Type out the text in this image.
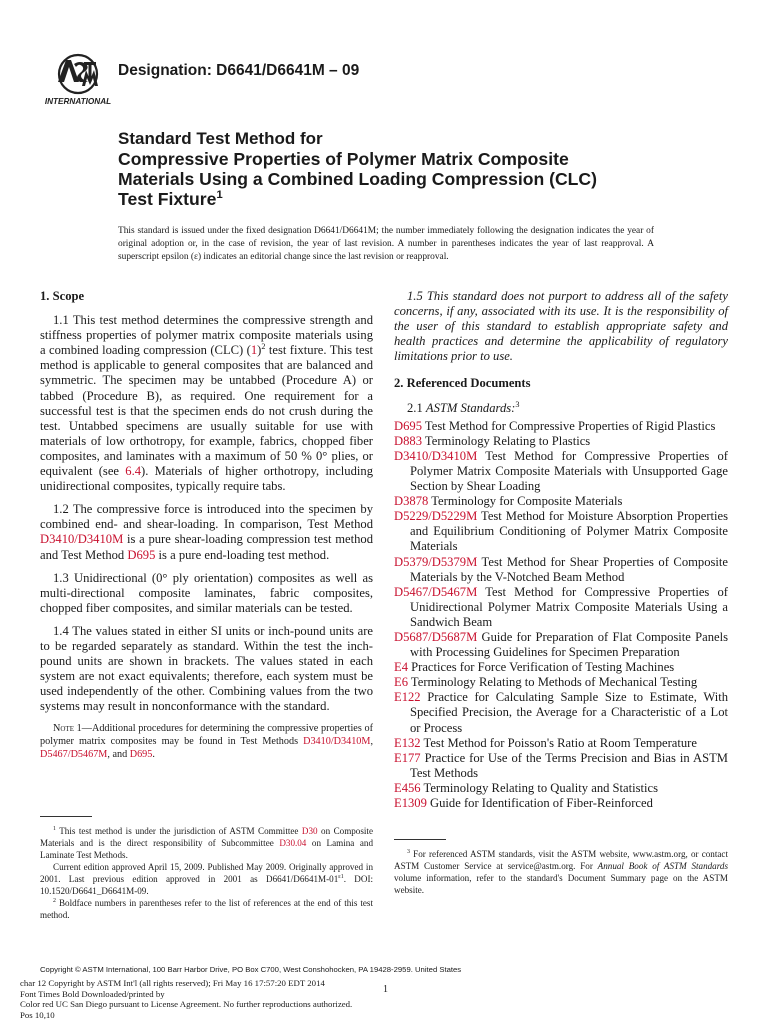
INTERNATIONAL
Designation: D6641/D6641M – 09
Standard Test Method for
Compressive Properties of Polymer Matrix Composite
Materials Using a Combined Loading Compression (CLC)
Test Fixture$^1$
This standard is issued under the fixed designation D6641/D6641M; the number immediately following the designation indicates the year of original adoption or, in the case of revision, the year of last revision. A number in parentheses indicates the year of last reapproval. A superscript epsilon (ε) indicates an editorial change since the last revision or reapproval.
1. Scope

1.1 This test method determines the compressive strength and stiffness properties of polymer matrix composite materials using a combined loading compression (CLC) $(1)^2$ test fixture. This test method is applicable to general composites that are balanced and symmetric. The specimen may be untabbed (Procedure A) or tabbed (Procedure B), as required. One requirement for a successful test is that the specimen ends do not crush during the test. Untabbed specimens are usually suitable for use with materials of low orthotropy, for example, fabrics, chopped fiber composites, and laminates with a maximum of 50 % 0° plies, or equivalent (see 6.4). Materials of higher orthotropy, including unidirectional composites, typically require tabs.

1.2 The compressive force is introduced into the specimen by combined end- and shear-loading. In comparison, Test Method D3410/D3410M is a pure shear-loading compression test method and Test Method D695 is a pure end-loading test method.

1.3 Unidirectional (0° ply orientation) composites as well as multi-directional composite laminates, fabric composites, chopped fiber composites, and similar materials can be tested.

1.4 The values stated in either SI units or inch-pound units are to be regarded separately as standard. Within the test the inch-pound units are shown in brackets. The values stated in each system are not exact equivalents; therefore, each system must be used independently of the other. Combining values from the two systems may result in nonconformance with the standard.

Note 1—Additional procedures for determining the compressive properties of polymer matrix composites may be found in Test Methods D3410/D3410M, D5467/D5467M, and D695.

$^1$ This test method is under the jurisdiction of ASTM Committee D30 on Composite Materials and is the direct responsibility of Subcommittee D30.04 on Lamina and Laminate Test Methods.

Current edition approved April 15, 2009. Published May 2009. Originally approved in 2001. Last previous edition approved in 2001 as $D6641/D6641M-01^{\varepsilon 1}$. DOI: 10.1520/D6641_D6641M-09.

$^2$ Boldface numbers in parentheses refer to the list of references at the end of this test method.

1.5 This standard does not purport to address all of the safety concerns, if any, associated with its use. It is the responsibility of the user of this standard to establish appropriate safety and health practices and determine the applicability of regulatory limitations prior to use.

2. Referenced Documents

2.1 ASTM Standards:$^3$

D695 Test Method for Compressive Properties of Rigid Plastics
D883 Terminology Relating to Plastics
D3410/D3410M Test Method for Compressive Properties of Polymer Matrix Composite Materials with Unsupported Gage Section by Shear Loading
D3878 Terminology for Composite Materials
D5229/D5229M Test Method for Moisture Absorption Properties and Equilibrium Conditioning of Polymer Matrix Composite Materials
D5379/D5379M Test Method for Shear Properties of Composite Materials by the V-Notched Beam Method
D5467/D5467M Test Method for Compressive Properties of Unidirectional Polymer Matrix Composite Materials Using a Sandwich Beam
D5687/D5687M Guide for Preparation of Flat Composite Panels with Processing Guidelines for Specimen Preparation
E4 Practices for Force Verification of Testing Machines
E6 Terminology Relating to Methods of Mechanical Testing
E122 Practice for Calculating Sample Size to Estimate, With Specified Precision, the Average for a Characteristic of a Lot or Process
E132 Test Method for Poisson's Ratio at Room Temperature
E177 Practice for Use of the Terms Precision and Bias in ASTM Test Methods
E456 Terminology Relating to Quality and Statistics
E1309 Guide for Identification of Fiber-Reinforced

$^3$ For referenced ASTM standards, visit the ASTM website, www.astm.org, or contact ASTM Customer Service at service@astm.org. For Annual Book of ASTM Standards volume information, refer to the standard's Document Summary page on the ASTM website.

Copyright © ASTM International, 100 Barr Harbor Drive, PO Box C700, West Conshohocken, PA 19428-2959. United States
char 12 Copyright by ASTM Int'l (all rights reserved); Fri May 16 17:57:20 EDT 2014
Font Times Bold Downloaded/printed by
Color red UC San Diego pursuant to License Agreement. No further reproductions authorized.
Pos 10,10
1
